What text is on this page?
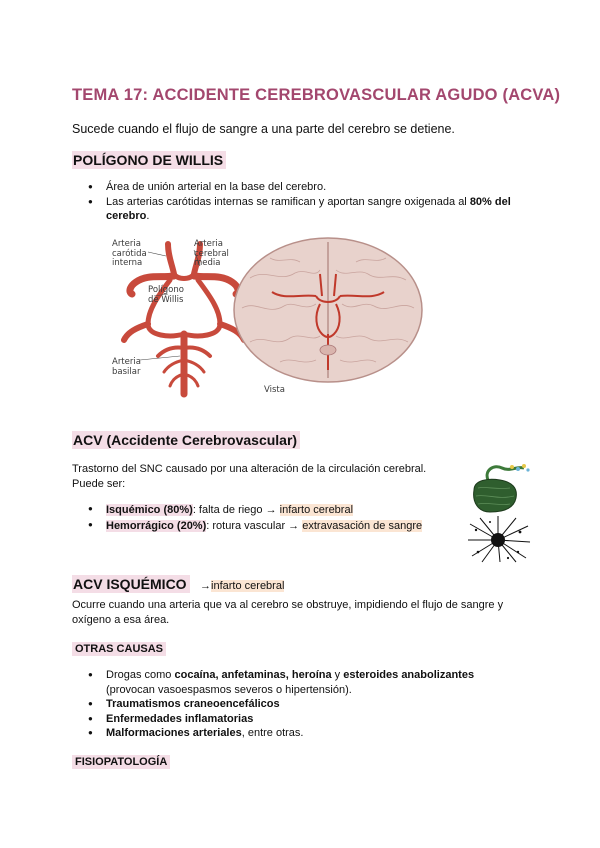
TEMA 17: ACCIDENTE CEREBROVASCULAR AGUDO (ACVA)
Sucede cuando el flujo de sangre a una parte del cerebro se detiene.
POLÍGONO DE WILLIS
● Área de unión arterial en la base del cerebro.
● Las arterias carótidas internas se ramifican y aportan sangre oxigenada al 80% del
cerebro.
Arteria
carótida
interna
Arteria
cerebral
media
Polígono
de Willis
Arteria
basilar
Vista
ACV (Accidente Cerebrovascular)
Trastorno del SNC causado por una alteración de la circulación cerebral.
Puede ser:
● Isquémico (80%): falta de riego → infarto cerebral
● Hemorrágico (20%): rotura vascular → extravasación de sangre
ACV ISQUÉMICO →infarto cerebral
Ocurre cuando una arteria que va al cerebro se obstruye, impidiendo el flujo de sangre y
oxígeno a esa área.
OTRAS CAUSAS
● Drogas como cocaína, anfetaminas, heroína y esteroides anabolizantes
(provocan vasoespasmos severos o hipertensión).
● Traumatismos craneoencefálicos
● Enfermedades inflamatorias
● Malformaciones arteriales, entre otras.
FISIOPATOLOGÍA
